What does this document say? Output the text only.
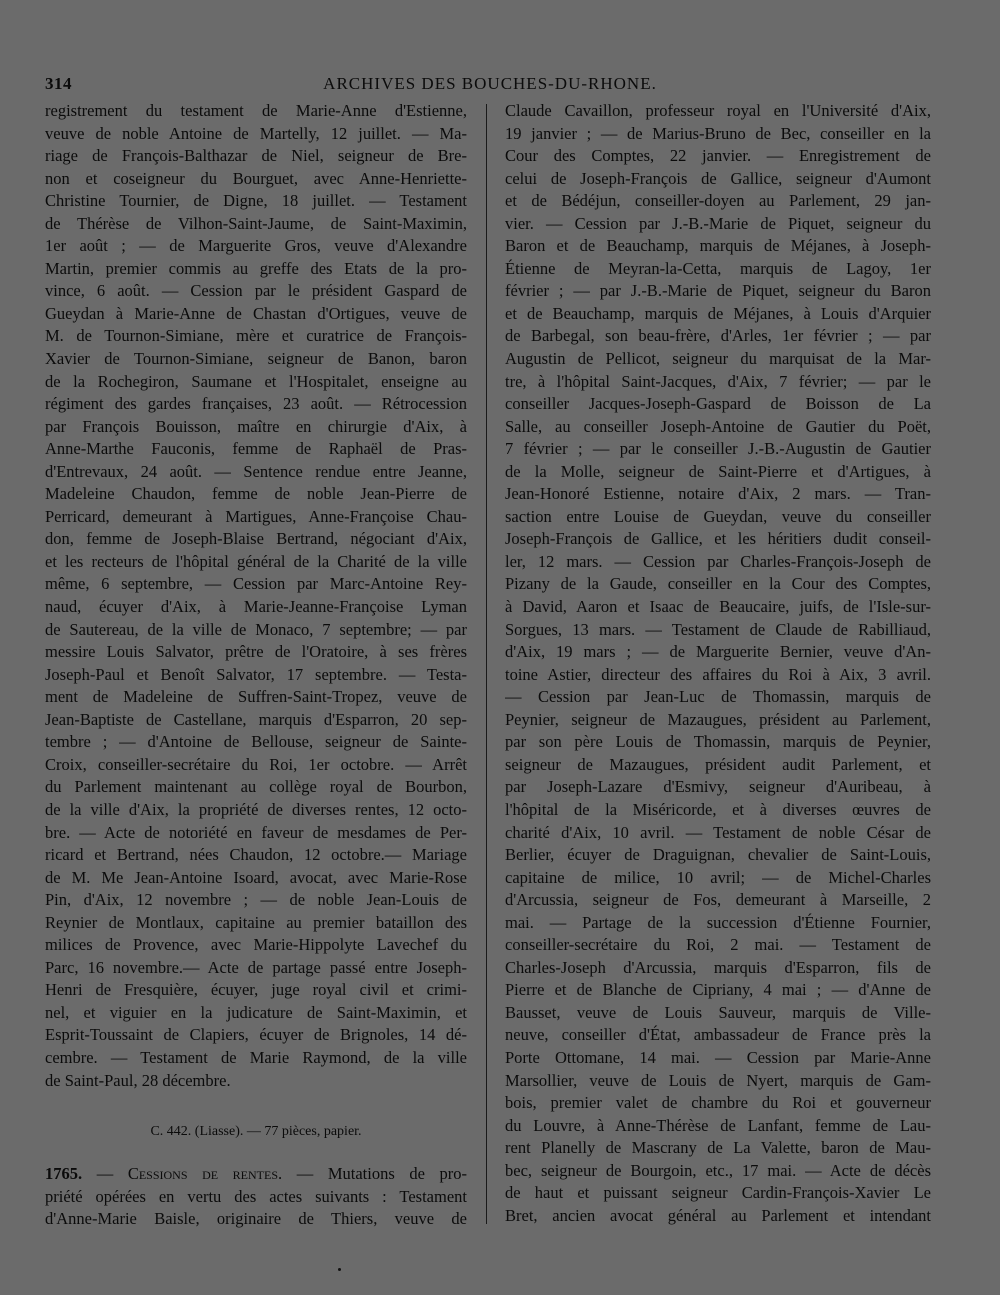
314	ARCHIVES DES BOUCHES-DU-RHONE.
registrement du testament de Marie-Anne d'Estienne,
veuve de noble Antoine de Martelly, 12 juillet. — Ma-
riage de François-Balthazar de Niel, seigneur de Bre-
non et coseigneur du Bourguet, avec Anne-Henriette-
Christine Tournier, de Digne, 18 juillet. — Testament
de Thérèse de Vilhon-Saint-Jaume, de Saint-Maximin,
1er août ; — de Marguerite Gros, veuve d'Alexandre
Martin, premier commis au greffe des Etats de la pro-
vince, 6 août. — Cession par le président Gaspard de
Gueydan à Marie-Anne de Chastan d'Ortigues, veuve de
M. de Tournon-Simiane, mère et curatrice de François-
Xavier de Tournon-Simiane, seigneur de Banon, baron
de la Rochegiron, Saumane et l'Hospitalet, enseigne au
régiment des gardes françaises, 23 août. — Rétrocession
par François Bouisson, maître en chirurgie d'Aix, à
Anne-Marthe Fauconis, femme de Raphaël de Pras-
d'Entrevaux, 24 août. — Sentence rendue entre Jeanne,
Madeleine Chaudon, femme de noble Jean-Pierre de
Perricard, demeurant à Martigues, Anne-Françoise Chau-
don, femme de Joseph-Blaise Bertrand, négociant d'Aix,
et les recteurs de l'hôpital général de la Charité de la ville
même, 6 septembre, — Cession par Marc-Antoine Rey-
naud, écuyer d'Aix, à Marie-Jeanne-Françoise Lyman
de Sautereau, de la ville de Monaco, 7 septembre; — par
messire Louis Salvator, prêtre de l'Oratoire, à ses frères
Joseph-Paul et Benoît Salvator, 17 septembre. — Testa-
ment de Madeleine de Suffren-Saint-Tropez, veuve de
Jean-Baptiste de Castellane, marquis d'Esparron, 20 sep-
tembre ; — d'Antoine de Bellouse, seigneur de Sainte-
Croix, conseiller-secrétaire du Roi, 1er octobre. — Arrêt
du Parlement maintenant au collège royal de Bourbon,
de la ville d'Aix, la propriété de diverses rentes, 12 octo-
bre. — Acte de notoriété en faveur de mesdames de Per-
ricard et Bertrand, nées Chaudon, 12 octobre.— Mariage
de M. Me Jean-Antoine Isoard, avocat, avec Marie-Rose
Pin, d'Aix, 12 novembre ; — de noble Jean-Louis de
Reynier de Montlaux, capitaine au premier bataillon des
milices de Provence, avec Marie-Hippolyte Lavechef du
Parc, 16 novembre.— Acte de partage passé entre Joseph-
Henri de Fresquière, écuyer, juge royal civil et crimi-
nel, et viguier en la judicature de Saint-Maximin, et
Esprit-Toussaint de Clapiers, écuyer de Brignoles, 14 dé-
cembre. — Testament de Marie Raymond, de la ville
de Saint-Paul, 28 décembre.
C. 442. (Liasse). — 77 pièces, papier.
1765. — Cessions de rentes. — Mutations de pro-
priété opérées en vertu des actes suivants : Testament
d'Anne-Marie Baisle, originaire de Thiers, veuve de
Claude Cavaillon, professeur royal en l'Université d'Aix,
19 janvier ; — de Marius-Bruno de Bec, conseiller en la
Cour des Comptes, 22 janvier. — Enregistrement de
celui de Joseph-François de Gallice, seigneur d'Aumont
et de Bédéjun, conseiller-doyen au Parlement, 29 jan-
vier. — Cession par J.-B.-Marie de Piquet, seigneur du
Baron et de Beauchamp, marquis de Méjanes, à Joseph-
Étienne de Meyran-la-Cetta, marquis de Lagoy, 1er
février ; — par J.-B.-Marie de Piquet, seigneur du Baron
et de Beauchamp, marquis de Méjanes, à Louis d'Arquier
de Barbegal, son beau-frère, d'Arles, 1er février ; — par
Augustin de Pellicot, seigneur du marquisat de la Mar-
tre, à l'hôpital Saint-Jacques, d'Aix, 7 février; — par le
conseiller Jacques-Joseph-Gaspard de Boisson de La
Salle, au conseiller Joseph-Antoine de Gautier du Poët,
7 février ; — par le conseiller J.-B.-Augustin de Gautier
de la Molle, seigneur de Saint-Pierre et d'Artigues, à
Jean-Honoré Estienne, notaire d'Aix, 2 mars. — Tran-
saction entre Louise de Gueydan, veuve du conseiller
Joseph-François de Gallice, et les héritiers dudit conseil-
ler, 12 mars. — Cession par Charles-François-Joseph de
Pizany de la Gaude, conseiller en la Cour des Comptes,
à David, Aaron et Isaac de Beaucaire, juifs, de l'Isle-sur-
Sorgues, 13 mars. — Testament de Claude de Rabilliaud,
d'Aix, 19 mars ; — de Marguerite Bernier, veuve d'An-
toine Astier, directeur des affaires du Roi à Aix, 3 avril.
— Cession par Jean-Luc de Thomassin, marquis de
Peynier, seigneur de Mazaugues, président au Parlement,
par son père Louis de Thomassin, marquis de Peynier,
seigneur de Mazaugues, président audit Parlement, et
par Joseph-Lazare d'Esmivy, seigneur d'Auribeau, à
l'hôpital de la Miséricorde, et à diverses œuvres de
charité d'Aix, 10 avril. — Testament de noble César de
Berlier, écuyer de Draguignan, chevalier de Saint-Louis,
capitaine de milice, 10 avril; — de Michel-Charles
d'Arcussia, seigneur de Fos, demeurant à Marseille, 2
mai. — Partage de la succession d'Étienne Fournier,
conseiller-secrétaire du Roi, 2 mai. — Testament de
Charles-Joseph d'Arcussia, marquis d'Esparron, fils de
Pierre et de Blanche de Cipriany, 4 mai ; — d'Anne de
Bausset, veuve de Louis Sauveur, marquis de Ville-
neuve, conseiller d'État, ambassadeur de France près la
Porte Ottomane, 14 mai. — Cession par Marie-Anne
Marsollier, veuve de Louis de Nyert, marquis de Gam-
bois, premier valet de chambre du Roi et gouverneur
du Louvre, à Anne-Thérèse de Lanfant, femme de Lau-
rent Planelly de Mascrany de La Valette, baron de Mau-
bec, seigneur de Bourgoin, etc., 17 mai. — Acte de décès
de haut et puissant seigneur Cardin-François-Xavier Le
Bret, ancien avocat général au Parlement et intendant
